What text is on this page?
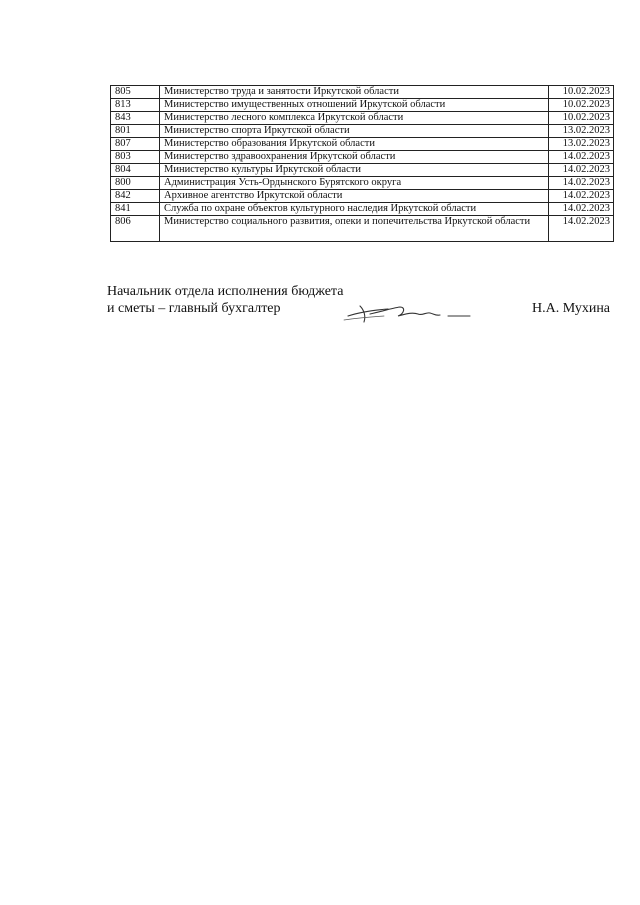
805	Министерство труда и занятости Иркутской области	10.02.2023
813	Министерство имущественных отношений Иркутской области	10.02.2023
843	Министерство лесного комплекса Иркутской области	10.02.2023
801	Министерство спорта Иркутской области	13.02.2023
807	Министерство образования Иркутской области	13.02.2023
803	Министерство здравоохранения Иркутской области	14.02.2023
804	Министерство культуры Иркутской области	14.02.2023
800	Администрация Усть-Ордынского Бурятского округа	14.02.2023
842	Архивное агентство Иркутской области	14.02.2023
841	Служба по охране объектов культурного наследия Иркутской области	14.02.2023
806	Министерство социального развития, опеки и попечительства Иркутской области	14.02.2023
Начальник отдела исполнения бюджета
и сметы – главный бухгалтер	Н.А. Мухина
